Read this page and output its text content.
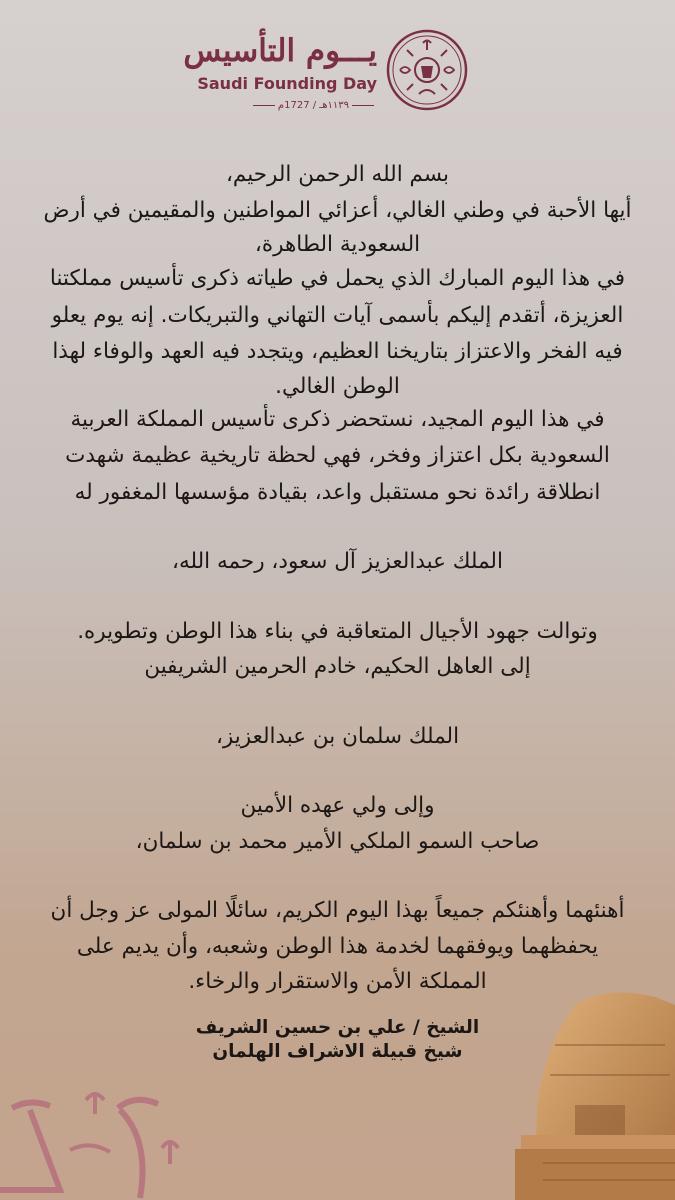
يـــوم التأسيس
Saudi Founding Day
١١٣٩هـ / 1727م
بسم الله الرحمن الرحيم،
أيها الأحبة في وطني الغالي، أعزائي المواطنين والمقيمين في أرض
السعودية الطاهرة،
في هذا اليوم المبارك الذي يحمل في طياته ذكرى تأسيس مملكتنا
العزيزة، أتقدم إليكم بأسمى آيات التهاني والتبريكات. إنه يوم يعلو
فيه الفخر والاعتزاز بتاريخنا العظيم، ويتجدد فيه العهد والوفاء لهذا
الوطن الغالي.
في هذا اليوم المجيد، نستحضر ذكرى تأسيس المملكة العربية
السعودية بكل اعتزاز وفخر، فهي لحظة تاريخية عظيمة شهدت
انطلاقة رائدة نحو مستقبل واعد، بقيادة مؤسسها المغفور له
الملك عبدالعزيز آل سعود، رحمه الله،
وتوالت جهود الأجيال المتعاقبة في بناء هذا الوطن وتطويره.
إلى العاهل الحكيم، خادم الحرمين الشريفين
الملك سلمان بن عبدالعزيز،
وإلى ولي عهده الأمين
صاحب السمو الملكي الأمير محمد بن سلمان،
أهنئهما وأهنئكم جميعاً بهذا اليوم الكريم، سائلًا المولى عز وجل أن
يحفظهما ويوفقهما لخدمة هذا الوطن وشعبه، وأن يديم على
المملكة الأمن والاستقرار والرخاء.
الشيخ / علي بن حسين الشريف
شيخ قبيلة الاشراف الهلمان
